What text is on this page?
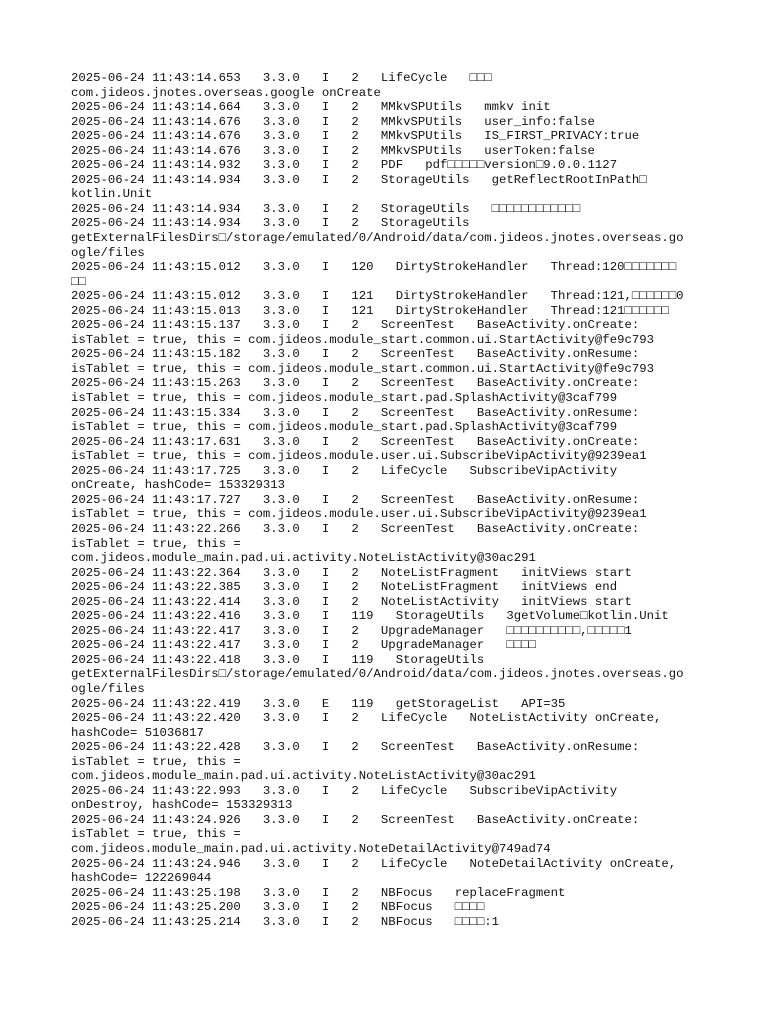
2025-06-24 11:43:14.653   3.3.0   I   2   LifeCycle   □□□
com.jideos.jnotes.overseas.google onCreate
2025-06-24 11:43:14.664   3.3.0   I   2   MMkvSPUtils   mmkv init
2025-06-24 11:43:14.676   3.3.0   I   2   MMkvSPUtils   user_info:false
2025-06-24 11:43:14.676   3.3.0   I   2   MMkvSPUtils   IS_FIRST_PRIVACY:true
2025-06-24 11:43:14.676   3.3.0   I   2   MMkvSPUtils   userToken:false
2025-06-24 11:43:14.932   3.3.0   I   2   PDF   pdf□□□□□version□9.0.0.1127
2025-06-24 11:43:14.934   3.3.0   I   2   StorageUtils   getReflectRootInPath□
kotlin.Unit
2025-06-24 11:43:14.934   3.3.0   I   2   StorageUtils   □□□□□□□□□□□□
2025-06-24 11:43:14.934   3.3.0   I   2   StorageUtils
getExternalFilesDirs□/storage/emulated/0/Android/data/com.jideos.jnotes.overseas.go
ogle/files
2025-06-24 11:43:15.012   3.3.0   I   120   DirtyStrokeHandler   Thread:120□□□□□□□
□□
2025-06-24 11:43:15.012   3.3.0   I   121   DirtyStrokeHandler   Thread:121,□□□□□□0
2025-06-24 11:43:15.013   3.3.0   I   121   DirtyStrokeHandler   Thread:121□□□□□□
2025-06-24 11:43:15.137   3.3.0   I   2   ScreenTest   BaseActivity.onCreate:
isTablet = true, this = com.jideos.module_start.common.ui.StartActivity@fe9c793
2025-06-24 11:43:15.182   3.3.0   I   2   ScreenTest   BaseActivity.onResume:
isTablet = true, this = com.jideos.module_start.common.ui.StartActivity@fe9c793
2025-06-24 11:43:15.263   3.3.0   I   2   ScreenTest   BaseActivity.onCreate:
isTablet = true, this = com.jideos.module_start.pad.SplashActivity@3caf799
2025-06-24 11:43:15.334   3.3.0   I   2   ScreenTest   BaseActivity.onResume:
isTablet = true, this = com.jideos.module_start.pad.SplashActivity@3caf799
2025-06-24 11:43:17.631   3.3.0   I   2   ScreenTest   BaseActivity.onCreate:
isTablet = true, this = com.jideos.module.user.ui.SubscribeVipActivity@9239ea1
2025-06-24 11:43:17.725   3.3.0   I   2   LifeCycle   SubscribeVipActivity
onCreate, hashCode= 153329313
2025-06-24 11:43:17.727   3.3.0   I   2   ScreenTest   BaseActivity.onResume:
isTablet = true, this = com.jideos.module.user.ui.SubscribeVipActivity@9239ea1
2025-06-24 11:43:22.266   3.3.0   I   2   ScreenTest   BaseActivity.onCreate:
isTablet = true, this =
com.jideos.module_main.pad.ui.activity.NoteListActivity@30ac291
2025-06-24 11:43:22.364   3.3.0   I   2   NoteListFragment   initViews start
2025-06-24 11:43:22.385   3.3.0   I   2   NoteListFragment   initViews end
2025-06-24 11:43:22.414   3.3.0   I   2   NoteListActivity   initViews start
2025-06-24 11:43:22.416   3.3.0   I   119   StorageUtils   3getVolume□kotlin.Unit
2025-06-24 11:43:22.417   3.3.0   I   2   UpgradeManager   □□□□□□□□□□,□□□□□1
2025-06-24 11:43:22.417   3.3.0   I   2   UpgradeManager   □□□□
2025-06-24 11:43:22.418   3.3.0   I   119   StorageUtils
getExternalFilesDirs□/storage/emulated/0/Android/data/com.jideos.jnotes.overseas.go
ogle/files
2025-06-24 11:43:22.419   3.3.0   E   119   getStorageList   API=35
2025-06-24 11:43:22.420   3.3.0   I   2   LifeCycle   NoteListActivity onCreate,
hashCode= 51036817
2025-06-24 11:43:22.428   3.3.0   I   2   ScreenTest   BaseActivity.onResume:
isTablet = true, this =
com.jideos.module_main.pad.ui.activity.NoteListActivity@30ac291
2025-06-24 11:43:22.993   3.3.0   I   2   LifeCycle   SubscribeVipActivity
onDestroy, hashCode= 153329313
2025-06-24 11:43:24.926   3.3.0   I   2   ScreenTest   BaseActivity.onCreate:
isTablet = true, this =
com.jideos.module_main.pad.ui.activity.NoteDetailActivity@749ad74
2025-06-24 11:43:24.946   3.3.0   I   2   LifeCycle   NoteDetailActivity onCreate,
hashCode= 122269044
2025-06-24 11:43:25.198   3.3.0   I   2   NBFocus   replaceFragment
2025-06-24 11:43:25.200   3.3.0   I   2   NBFocus   □□□□
2025-06-24 11:43:25.214   3.3.0   I   2   NBFocus   □□□□:1
